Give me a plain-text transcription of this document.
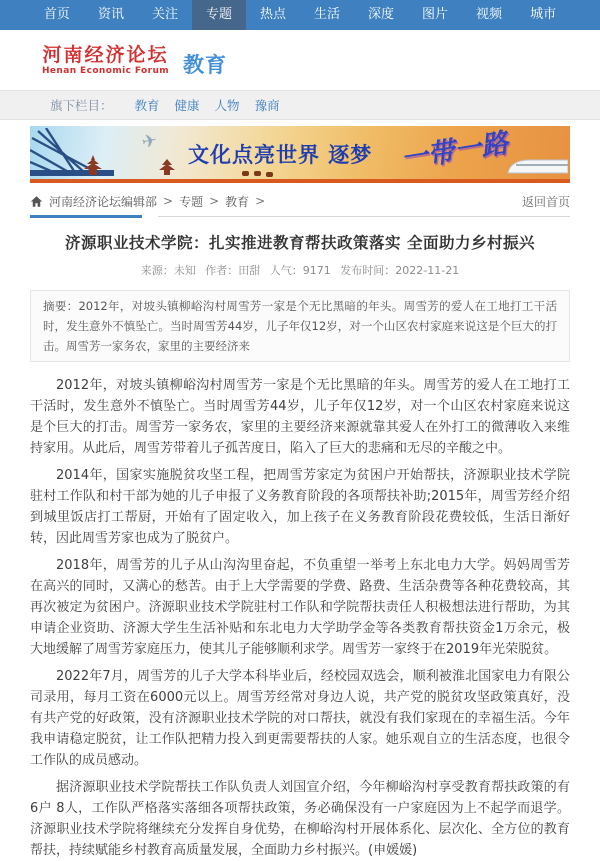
首页	资讯	关注	专题	热点	生活	深度	图片	视频	城市
河南经济论坛
Henan Economic Forum 教育
旗下栏目： 教育 健康 人物 豫商
✈
文化点亮世界 逐梦 一带一路
河南经济论坛编辑部 > 专题 > 教育 >	返回首页
济源职业技术学院：扎实推进教育帮扶政策落实 全面助力乡村振兴
来源：未知 作者：田甜 人气：9171 发布时间：2022-11-21
摘要：2012年，对坡头镇柳峪沟村周雪芳一家是个无比黑暗的年头。周雪芳的爱人在工地打工干活时，发生意外不慎坠亡。当时周雪芳44岁，儿子年仅12岁，对一个山区农村家庭来说这是个巨大的打击。周雪芳一家务农，家里的主要经济来

2012年，对坡头镇柳峪沟村周雪芳一家是个无比黑暗的年头。周雪芳的爱人在工地打工干活时，发生意外不慎坠亡。当时周雪芳44岁，儿子年仅12岁，对一个山区农村家庭来说这是个巨大的打击。周雪芳一家务农，家里的主要经济来源就靠其爱人在外打工的微薄收入来维持家用。从此后，周雪芳带着儿子孤苦度日，陷入了巨大的悲痛和无尽的辛酸之中。

2014年，国家实施脱贫攻坚工程，把周雪芳家定为贫困户开始帮扶，济源职业技术学院驻村工作队和村干部为她的儿子申报了义务教育阶段的各项帮扶补助;2015年，周雪芳经介绍到城里饭店打工帮厨，开始有了固定收入，加上孩子在义务教育阶段花费较低，生活日渐好转，因此周雪芳家也成为了脱贫户。

2018年，周雪芳的儿子从山沟沟里奋起，不负重望一举考上东北电力大学。妈妈周雪芳在高兴的同时，又满心的愁苦。由于上大学需要的学费、路费、生活杂费等各种花费较高，其再次被定为贫困户。济源职业技术学院驻村工作队和学院帮扶责任人积极想法进行帮助，为其申请企业资助、济源大学生生活补贴和东北电力大学助学金等各类教育帮扶资金1万余元，极大地缓解了周雪芳家庭压力，使其儿子能够顺利求学。周雪芳一家终于在2019年光荣脱贫。

2022年7月，周雪芳的儿子大学本科毕业后，经校园双选会，顺利被淮北国家电力有限公司录用，每月工资在6000元以上。周雪芳经常对身边人说，共产党的脱贫攻坚政策真好，没有共产党的好政策，没有济源职业技术学院的对口帮扶，就没有我们家现在的幸福生活。今年我申请稳定脱贫，让工作队把精力投入到更需要帮扶的人家。她乐观自立的生活态度，也很令工作队的成员感动。

据济源职业技术学院帮扶工作队负责人刘国宣介绍，今年柳峪沟村享受教育帮扶政策的有 6户 8人，工作队严格落实落细各项帮扶政策，务必确保没有一户家庭因为上不起学而退学。济源职业技术学院将继续充分发挥自身优势，在柳峪沟村开展体系化、层次化、全方位的教育帮扶，持续赋能乡村教育高质量发展，全面助力乡村振兴。(申媛媛)
